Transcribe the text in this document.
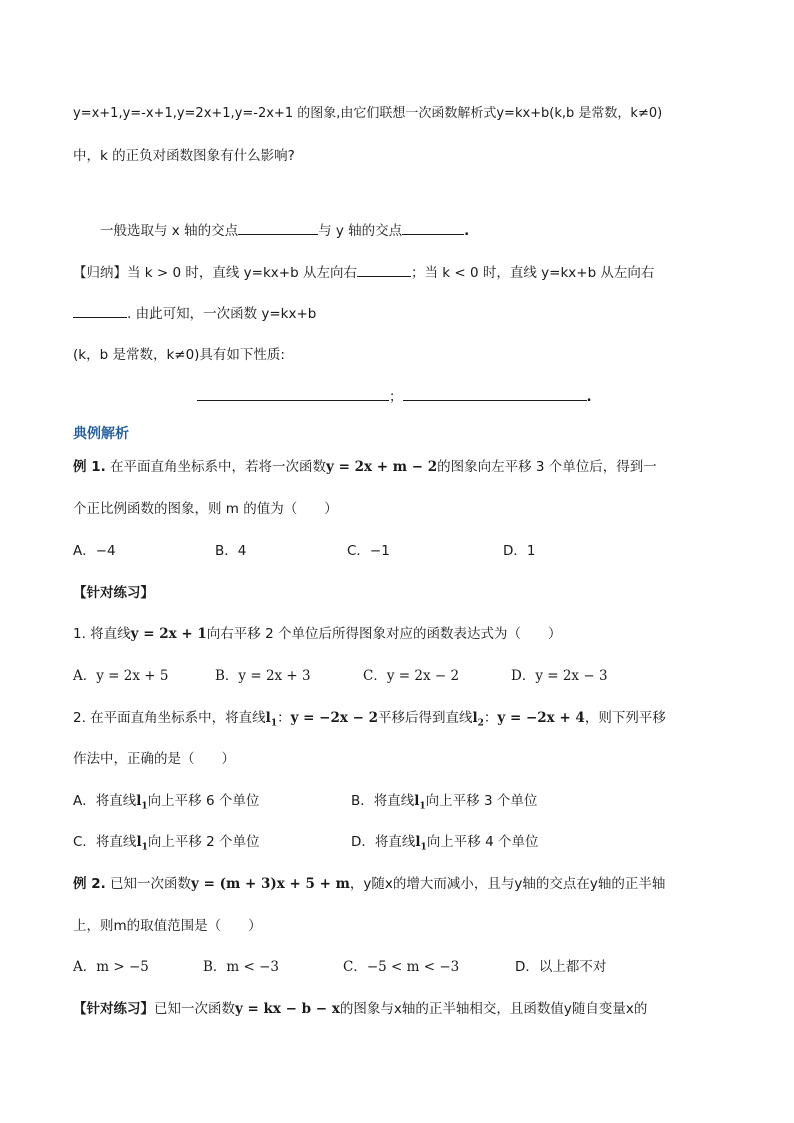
y=x+1,y=-x+1,y=2x+1,y=-2x+1 的图象,由它们联想一次函数解析式y=kx+b(k,b 是常数，k≠0)
中，k 的正负对函数图象有什么影响?
一般选取与 x 轴的交点	与 y 轴的交点	.
【归纳】当 k > 0 时，直线 y=kx+b 从左向右	；当 k < 0 时，直线 y=kx+b 从左向右
. 由此可知，一次函数 y=kx+b
(k，b 是常数，k≠0)具有如下性质:
；	.
典例解析
例 1. 在平面直角坐标系中，若将一次函数y = 2x + m − 2的图象向左平移 3 个单位后，得到一
个正比例函数的图象，则 m 的值为（　　）
A．−4	B．4	C．−1	D．1
【针对练习】
1. 将直线y = 2x + 1向右平移 2 个单位后所得图象对应的函数表达式为（　　）
A．y = 2x + 5	B．y = 2x + 3	C．y = 2x − 2	D．y = 2x − 3
2. 在平面直角坐标系中，将直线$l_1$：y = −2x − 2平移后得到直线$l_2$：y = −2x + 4，则下列平移
作法中，正确的是（　　）
A．将直线$l_1$向上平移 6 个单位	B．将直线$l_1$向上平移 3 个单位
C．将直线$l_1$向上平移 2 个单位	D．将直线$l_1$向上平移 4 个单位
例 2. 已知一次函数y = (m + 3)x + 5 + m，y随x的增大而减小，且与y轴的交点在y轴的正半轴
上，则m的取值范围是（　　）
A．m > −5	B．m < −3	C．−5 < m < −3	D．以上都不对
【针对练习】已知一次函数y = kx − b − x的图象与x轴的正半轴相交，且函数值y随自变量x的
